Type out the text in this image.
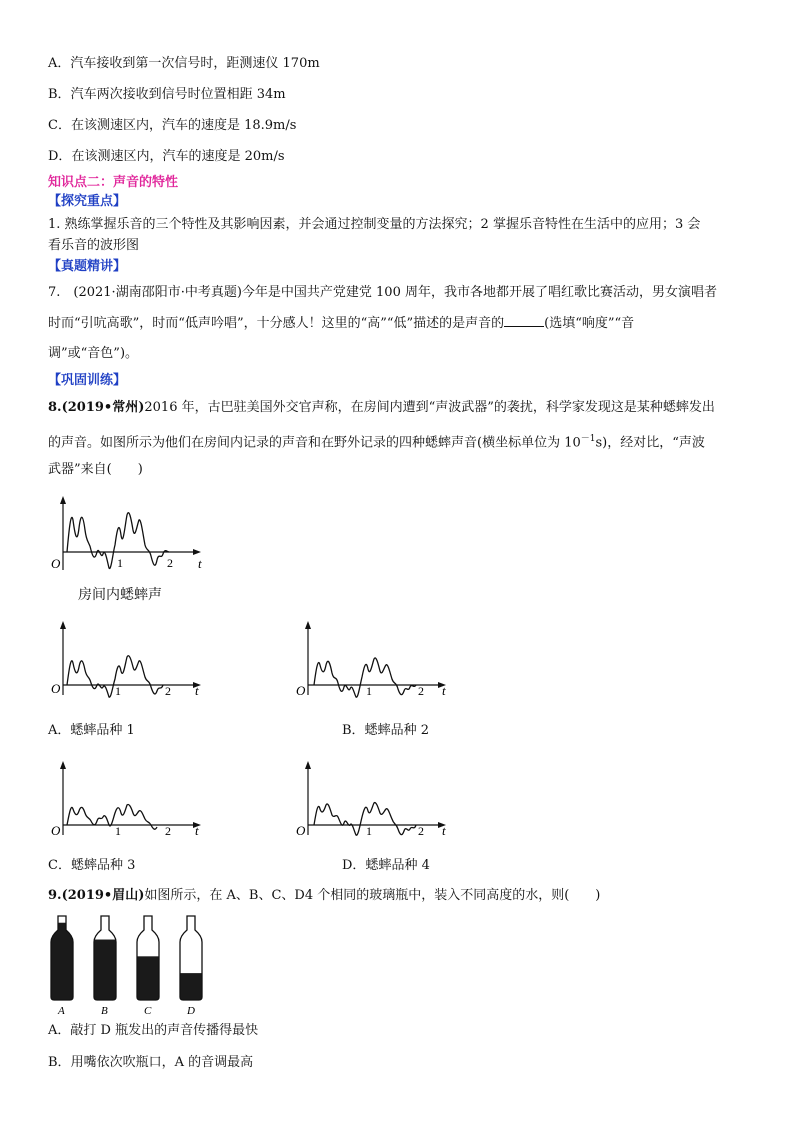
A．汽车接收到第一次信号时，距测速仪 170m
B．汽车两次接收到信号时位置相距 34m
C．在该测速区内，汽车的速度是 18.9m/s
D．在该测速区内，汽车的速度是 20m/s
知识点二：声音的特性
【探究重点】
1. 熟练掌握乐音的三个特性及其影响因素，并会通过控制变量的方法探究；2 掌握乐音特性在生活中的应用；3 会
看乐音的波形图
【真题精讲】
7.　(2021·湖南邵阳市·中考真题)今年是中国共产党建党 100 周年，我市各地都开展了唱红歌比赛活动，男女演唱者
时而“引吭高歌”，时而“低声吟唱”，十分感人！这里的“高”“低”描述的是声音的	(选填“响度”“音
调”或“音色”)。
【巩固训练】
8.(2019•常州)2016 年，古巴驻美国外交官声称，在房间内遭到“声波武器”的袭扰，科学家发现这是某种蟋蟀发出
的声音。如图所示为他们在房间内记录的声音和在野外记录的四种蟋蟀声音(横坐标单位为 $10^{-1}s$)，经对比，“声波
武器”来自(　　)
O	t
1	2
房间内蟋蟀声
O	t
1	2	O	t
1	2
A．蟋蟀品种 1	B．蟋蟀品种 2
O	t
1	2	O	t
1	2
C．蟋蟀品种 3	D．蟋蟀品种 4
9.(2019•眉山)如图所示，在 A、B、C、D4 个相同的玻璃瓶中，装入不同高度的水，则(　　)
A	B	C	D
A．敲打 D 瓶发出的声音传播得最快
B．用嘴依次吹瓶口，A 的音调最高
